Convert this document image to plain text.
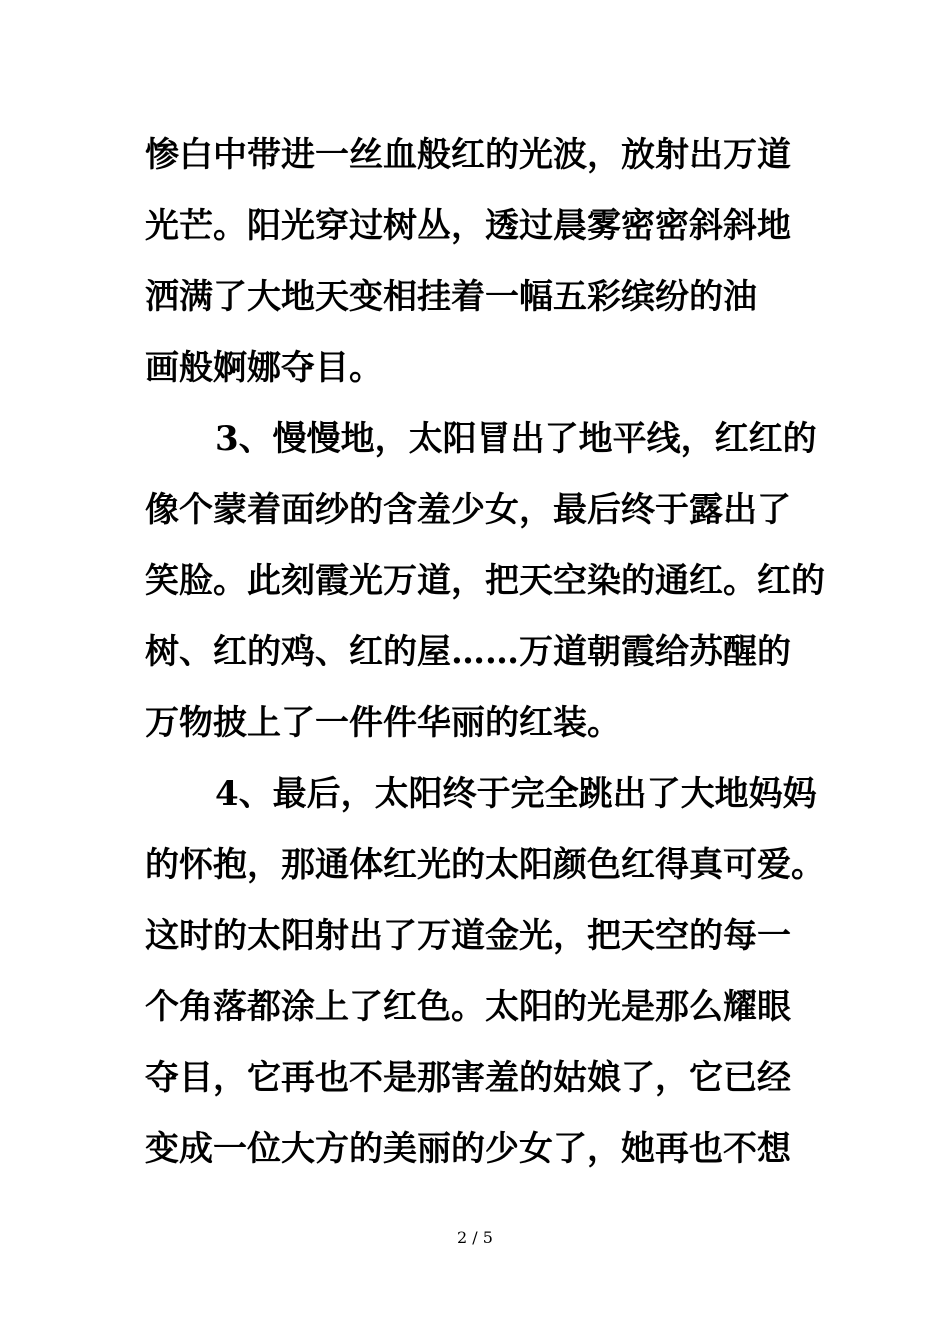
惨白中带进一丝血般红的光波，放射出万道
光芒。阳光穿过树丛，透过晨雾密密斜斜地
洒满了大地天变相挂着一幅五彩缤纷的油
画般婀娜夺目。
3、慢慢地，太阳冒出了地平线，红红的
像个蒙着面纱的含羞少女，最后终于露出了
笑脸。此刻霞光万道，把天空染的通红。红的
树、红的鸡、红的屋……万道朝霞给苏醒的
万物披上了一件件华丽的红装。
4、最后，太阳终于完全跳出了大地妈妈
的怀抱，那通体红光的太阳颜色红得真可爱。
这时的太阳射出了万道金光，把天空的每一
个角落都涂上了红色。太阳的光是那么耀眼
夺目，它再也不是那害羞的姑娘了，它已经
变成一位大方的美丽的少女了，她再也不想
2 / 5
